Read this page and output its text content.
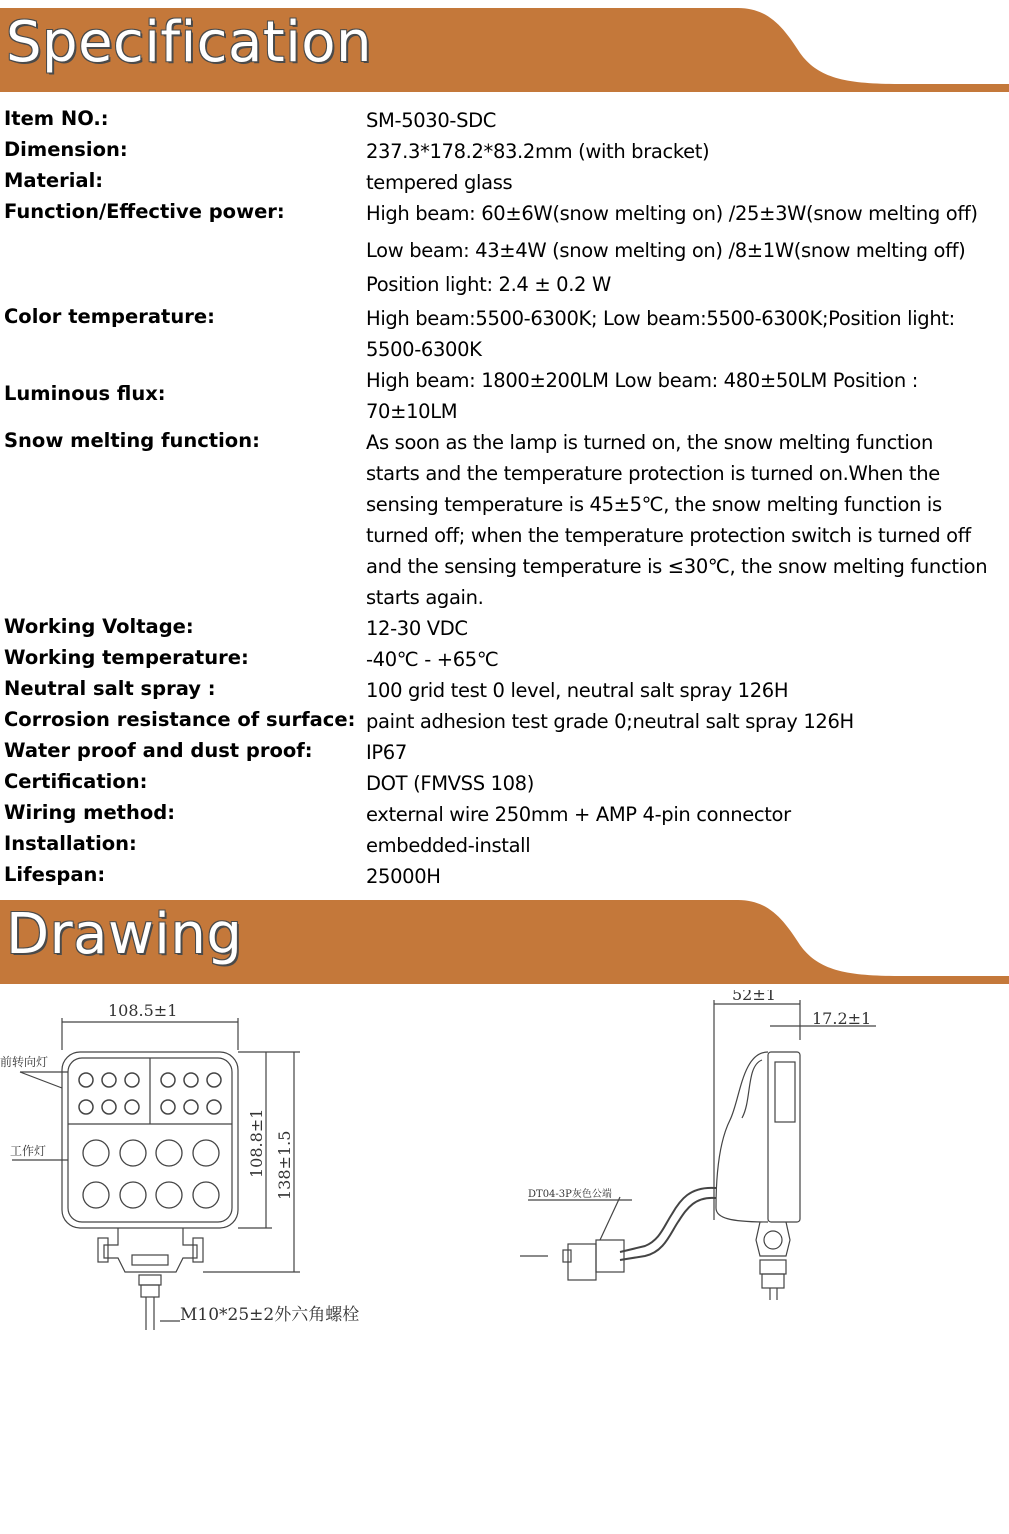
Specification
Item NO.:	SM-5030-SDC
Dimension:	237.3*178.2*83.2mm (with bracket)
Material:	tempered glass
Function/Effective power:	High beam: 60±6W(snow melting on) /25±3W(snow melting off)
Low beam: 43±4W (snow melting on) /8±1W(snow melting off)
Position light: 2.4 ± 0.2 W
Color temperature:	High beam:5500-6300K; Low beam:5500-6300K;Position light:
5500-6300K
Luminous flux:
High beam: 1800±200LM Low beam: 480±50LM Position :
70±10LM
Snow melting function:	As soon as the lamp is turned on, the snow melting function
starts and the temperature protection is turned on.When the
sensing temperature is 45±5℃, the snow melting function is
turned off; when the temperature protection switch is turned off
and the sensing temperature is ≤30℃, the snow melting function
starts again.
Working Voltage:	12-30 VDC
Working temperature:	-40℃ - +65℃
Neutral salt spray :	100 grid test 0 level, neutral salt spray 126H
Corrosion resistance of surface: paint adhesion test grade 0;neutral salt spray 126H
Water proof and dust proof:	IP67
Certification:	DOT (FMVSS 108)
Wiring method:	external wire 250mm + AMP 4-pin connector
Installation:	embedded-install
Lifespan:	25000H
Drawing
108.5±1
108.8±1 138±1.5
前转向灯
工作灯
M10*25±2外六角螺栓
52±1
17.2±1
DT04-3P灰色公端
